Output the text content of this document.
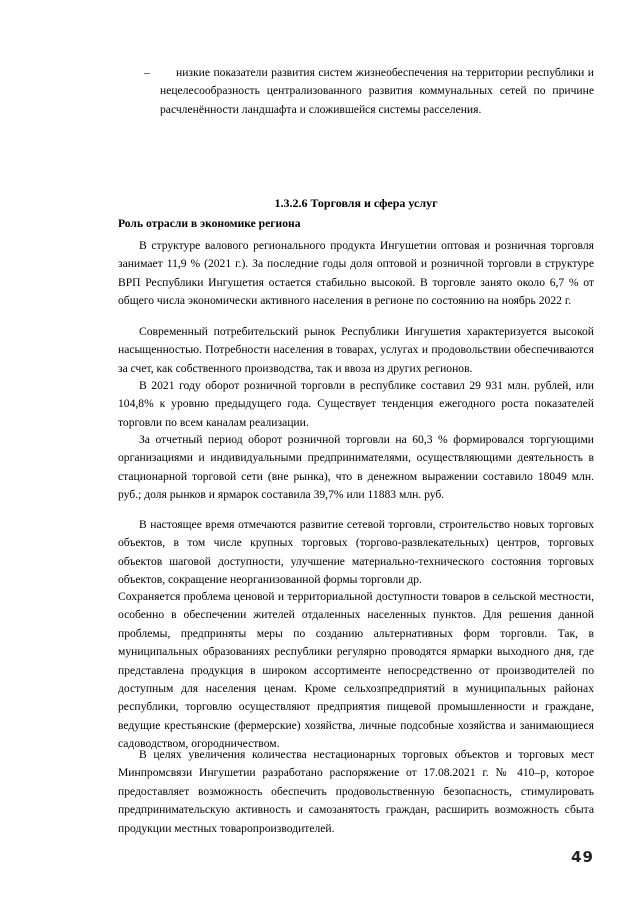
– низкие показатели развития систем жизнеобеспечения на территории республики и нецелесообразность централизованного развития коммунальных сетей по причине расчленённости ландшафта и сложившейся системы расселения.

1.3.2.6 Торговля и сфера услуг

Роль отрасли в экономике региона

В структуре валового регионального продукта Ингушетии оптовая и розничная торговля занимает 11,9 % (2021 г.). За последние годы доля оптовой и розничной торговли в структуре ВРП Республики Ингушетия остается стабильно высокой. В торговле занято около 6,7 % от общего числа экономически активного населения в регионе по состоянию на ноябрь 2022 г.

Современный потребительский рынок Республики Ингушетия характеризуется высокой насыщенностью. Потребности населения в товарах, услугах и продовольствии обеспечиваются за счет, как собственного производства, так и ввоза из других регионов.

В 2021 году оборот розничной торговли в республике составил 29 931 млн. рублей, или 104,8% к уровню предыдущего года. Существует тенденция ежегодного роста показателей торговли по всем каналам реализации.

За отчетный период оборот розничной торговли на 60,3 % формировался торгующими организациями и индивидуальными предпринимателями, осуществляющими деятельность в стационарной торговой сети (вне рынка), что в денежном выражении составило 18049 млн. руб.; доля рынков и ярмарок составила 39,7% или 11883 млн. руб.

В настоящее время отмечаются развитие сетевой торговли, строительство новых торговых объектов, в том числе крупных торговых (торгово-развлекательных) центров, торговых объектов шаговой доступности, улучшение материально-технического состояния торговых объектов, сокращение неорганизованной формы торговли др.

Сохраняется проблема ценовой и территориальной доступности товаров в сельской местности, особенно в обеспечении жителей отдаленных населенных пунктов. Для решения данной проблемы, предприняты меры по созданию альтернативных форм торговли. Так, в муниципальных образованиях республики регулярно проводятся ярмарки выходного дня, где представлена продукция в широком ассортименте непосредственно от производителей по доступным для населения ценам. Кроме сельхозпредприятий в муниципальных районах республики, торговлю осуществляют предприятия пищевой промышленности и граждане, ведущие крестьянские (фермерские) хозяйства, личные подсобные хозяйства и занимающиеся садоводством, огородничеством.

В целях увеличения количества нестационарных торговых объектов и торговых мест Минпромсвязи Ингушетии разработано распоряжение от 17.08.2021 г. № 410–р, которое предоставляет возможность обеспечить продовольственную безопасность, стимулировать предпринимательскую активность и самозанятость граждан, расширить возможность сбыта продукции местных товаропроизводителей.

49
